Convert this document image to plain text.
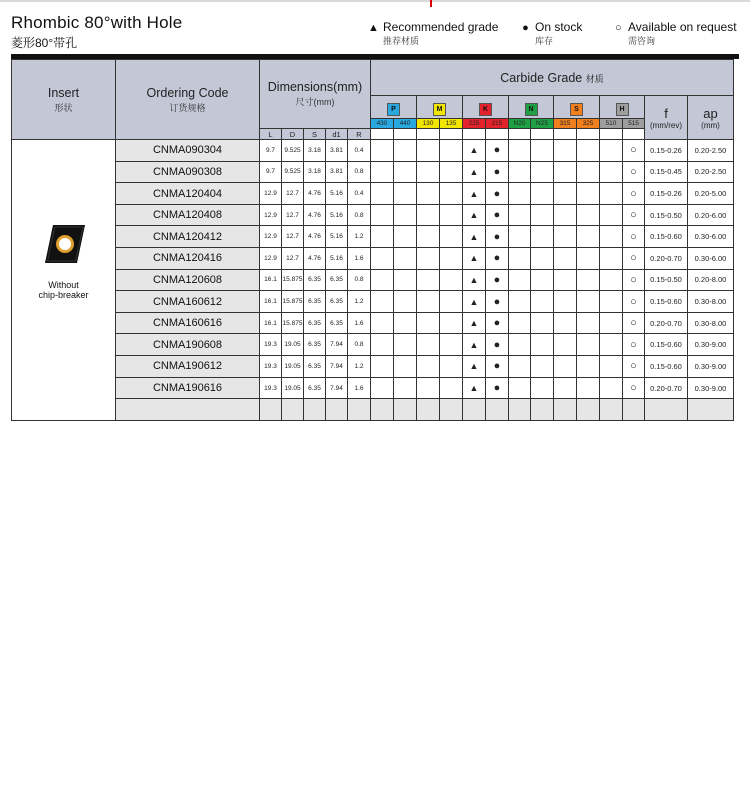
Rhombic 80°with Hole
菱形80°带孔
▲ Recommended grade
推荐材质
● On stock
库存
○ Available on request
需咨询
Insert
形状	Ordering Code
订货规格	Dimensions(mm)
尺寸(mm)					Carbide Grade 材质													
							P		M		K		N		S		H		f
(mm/rev)	ap
(mm)

							430	440	130	135	225	215	N20	N25	315	325	510	515		
		L	D	S	d1	R														

Without
chip-breaker	CNMA090304	9.7	9.525	3.18	3.81	0.4					▲	●						○	0.15-0.26	0.20-2.50
	CNMA090308	9.7	9.525	3.18	3.81	0.8					▲	●						○	0.15-0.45	0.20-2.50
	CNMA120404	12.9	12.7	4.76	5.16	0.4					▲	●						○	0.15-0.26	0.20-5.00
	CNMA120408	12.9	12.7	4.76	5.16	0.8					▲	●						○	0.15-0.50	0.20-6.00
	CNMA120412	12.9	12.7	4.76	5.16	1.2					▲	●						○	0.15-0.60	0.30-6.00
	CNMA120416	12.9	12.7	4.76	5.16	1.6					▲	●						○	0.20-0.70	0.30-6.00
	CNMA120608	16.1	15.875	6.35	6.35	0.8					▲	●						○	0.15-0.50	0.20-8.00
	CNMA160612	16.1	15.875	6.35	6.35	1.2					▲	●						○	0.15-0.60	0.30-8.00
	CNMA160616	16.1	15.875	6.35	6.35	1.6					▲	●						○	0.20-0.70	0.30-8.00
	CNMA190608	19.3	19.05	6.35	7.94	0.8					▲	●						○	0.15-0.60	0.30-9.00
	CNMA190612	19.3	19.05	6.35	7.94	1.2					▲	●						○	0.15-0.60	0.30-9.00
	CNMA190616	19.3	19.05	6.35	7.94	1.6					▲	●						○	0.20-0.70	0.30-9.00
